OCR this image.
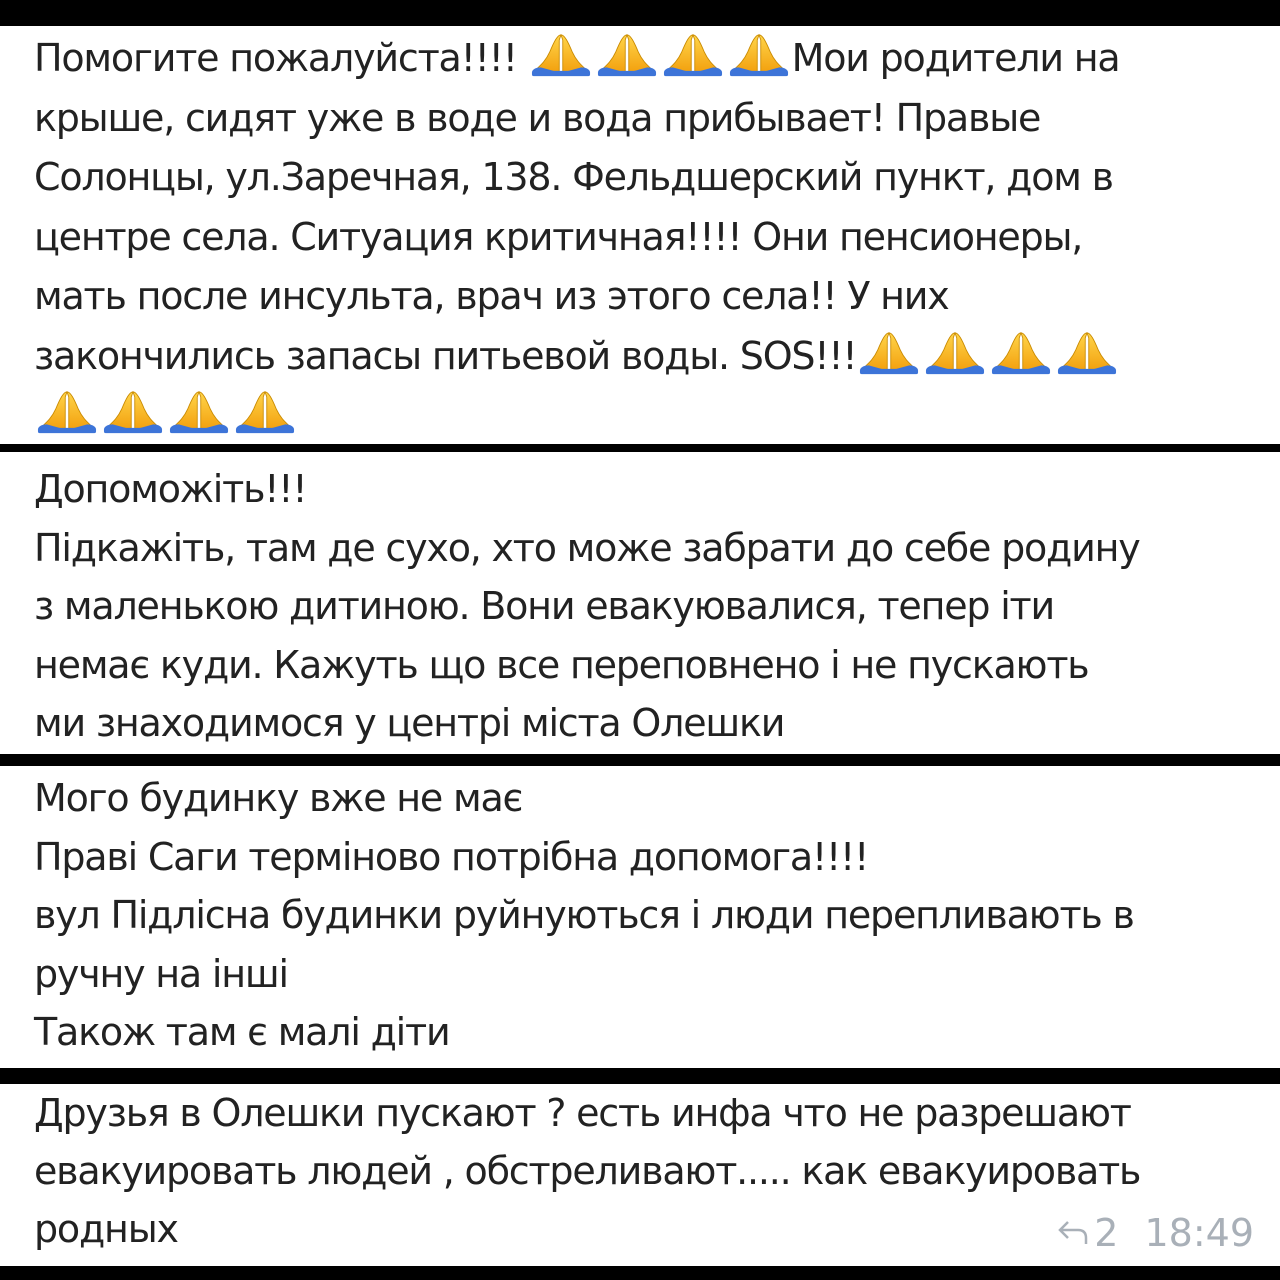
Помогите пожалуйста!!!!	Мои родители на

крыше, сидят уже в воде и вода прибывает! Правые

Солонцы, ул.Заречная, 138. Фельдшерский пункт, дом в

центре села. Ситуация критичная!!!! Они пенсионеры,

мать после инсульта, врач из этого села!! У них

закончились запасы питьевой воды. SOS!!!

Допоможіть!!!

Підкажіть, там де сухо, хто може забрати до себе родину

з маленькою дитиною. Вони евакуювалися, тепер іти

немає куди. Кажуть що все переповнено і не пускають

ми знаходимося у центрі міста Олешки

Мого будинку вже не має

Праві Саги терміново потрібна допомога!!!!

вул Підлісна будинки руйнуються і люди перепливають в

ручну на інші

Також там є малі діти

Друзья в Олешки пускают ? есть инфа что не разрешают

евакуировать людей , обстреливают..... как евакуировать

родных	2 18:49
